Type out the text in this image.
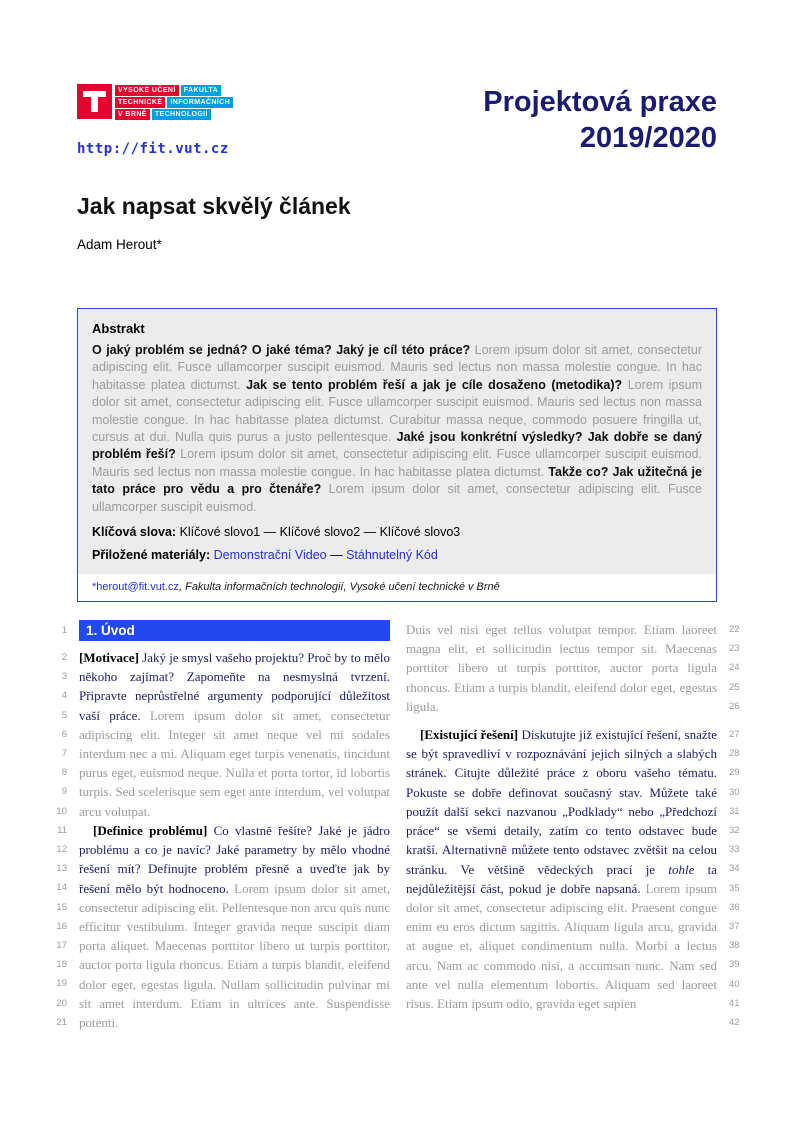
VYSOKÉ UČENÍ	FAKULTA
TECHNICKÉ	INFORMAČNÍCH
V BRNĚ	TECHNOLOGIÍ
http://fit.vut.cz
Projektová praxe
2019/2020
Jak napsat skvělý článek
Adam Herout*
Abstrakt
O jaký problém se jedná? O jaké téma? Jaký je cíl této práce? Lorem ipsum dolor sit amet, consectetur adipiscing elit. Fusce ullamcorper suscipit euismod. Mauris sed lectus non massa molestie congue. In hac habitasse platea dictumst. Jak se tento problém řeší a jak je cíle dosaženo (metodika)? Lorem ipsum dolor sit amet, consectetur adipiscing elit. Fusce ullamcorper suscipit euismod. Mauris sed lectus non massa molestie congue. In hac habitasse platea dictumst. Curabitur massa neque, commodo posuere fringilla ut, cursus at dui. Nulla quis purus a justo pellentesque. Jaké jsou konkrétní výsledky? Jak dobře se daný problém řeší? Lorem ipsum dolor sit amet, consectetur adipiscing elit. Fusce ullamcorper suscipit euismod. Mauris sed lectus non massa molestie congue. In hac habitasse platea dictumst. Takže co? Jak užitečná je tato práce pro vědu a pro čtenáře? Lorem ipsum dolor sit amet, consectetur adipiscing elit. Fusce ullamcorper suscipit euismod.
Klíčová slova: Klíčové slovo1 — Klíčové slovo2 — Klíčové slovo3
Přiložené materiály: Demonstrační Video — Stáhnutelný Kód
*herout@fit.vut.cz, Fakulta informačních technologií, Vysoké učení technické v Brně
1	1. Úvod
2
3
4
5
6
7
8
9
10
[Motivace] Jaký je smysl vašeho projektu? Proč by to mělo někoho zajímat? Zapomeňte na nesmyslná tvrzení. Připravte neprůstřelné argumenty podporující důležitost vaší práce. Lorem ipsum dolor sit amet, consectetur adipiscing elit. Integer sit amet neque vel mi sodales interdum nec a mi. Aliquam eget turpis venenatis, tincidunt purus eget, euismod neque. Nulla et porta tortor, id lobortis turpis. Sed scelerisque sem eget ante interdum, vel volutpat arcu volutpat.
11
12
13
14
15
16
17
18
19
20
21
[Definice problému] Co vlastně řešíte? Jaké je jádro problému a co je navíc? Jaké parametry by mělo vhodné řešení mít? Definujte problém přesně a uveďte jak by řešení mělo být hodnoceno. Lorem ipsum dolor sit amet, consectetur adipiscing elit. Pellentesque non arcu quis nunc efficitur vestibulum. Integer gravida neque suscipit diam porta aliquet. Maecenas porttitor libero ut turpis porttitor, auctor porta ligula rhoncus. Etiam a turpis blandit, eleifend dolor eget, egestas ligula. Nullam sollicitudin pulvinar mi sit amet interdum. Etiam in ultrices ante. Suspendisse potenti.
Duis vel nisi eget tellus volutpat tempor. Etiam laoreet magna elit, et sollicitudin lectus tempor sit. Maecenas porttitor libero ut turpis porttitor, auctor porta ligula rhoncus. Etiam a turpis blandit, eleifend dolor eget, egestas ligula.
22
23
24
25
26
[Existující řešení] Diskutujte již existující řešení, snažte se být spravedliví v rozpoznávání jejich silných a slabých stránek. Citujte důležité práce z oboru vašeho tématu. Pokuste se dobře definovat současný stav. Můžete také použít další sekci nazvanou „Podklady“ nebo „Předchozí práce“ se všemi detaily, zatím co tento odstavec bude kratší. Alternativně můžete tento odstavec zvětšit na celou stránku. Ve většině vědeckých prací je tohle ta nejdůležitější část, pokud je dobře napsaná. Lorem ipsum dolor sit amet, consectetur adipiscing elit. Praesent congue enim eu eros dictum sagittis. Aliquam ligula arcu, gravida at augue et, aliquet condimentum nulla. Morbi a lectus arcu. Nam ac commodo nisi, a accumsan nunc. Nam sed ante vel nulla elementum lobortis. Aliquam sed laoreet risus. Etiam ipsum odio, gravida eget sapien
27
28
29
30
31
32
33
34
35
36
37
38
39
40
41
42
